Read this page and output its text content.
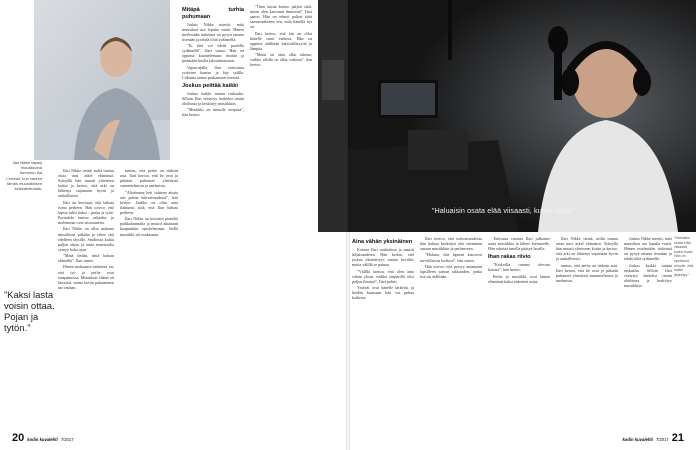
Ilari Nikke tapasi muusikkona tunnetun Isa Lenssin, kun vannut tämän muusiikkisen keikkahelmalla.
”Kaksi lasta voisin ottaa. Pojan ja tytön.”

Ilari Nikke tietää, miltä tuntuu ottaa uusi askel elämässä. Syksyllä hän muutti yhteiseen kotiin ja kertoo, että arki on lähtenyt sujumaan hyvin ja rauhallisesti.

Ilari on kertonut, että haluaa isona perheen. Hän toivoo, että lapsia tulisi kaksi – poika ja tyttö. Parisuhde tuntuu vakaalta, ja molemmat ovat sitoutuneita.

Ilari Nikke on ollut mukana musiikissa pitkään ja tekee sitä edelleen täysillä. Studiossa kuluu paljon aikaa, ja uutta materiaalia syntyy koko ajan.

”Minä tiedän, mitä haluan elämältä”, Ilari sanoo.

Hänen mukaansa tärkeintä on, että työ ja perhe ovat tasapainossa. Muusikon elämä on kiireistä, mutta kotiin palaaminen tuo rauhan.

tuntuu, että perhe on tärkein asia. Ilari kertoo, että he ovat jo pitkään puhuneet yhteisistä suunnitelmista ja unelmista.

”Aloitimme heti suhteen alusta asti puhua tulevaisuudesta”, hän kertoo. Jaakko on ollut aina ilahtunut siitä, että Ilari haluaa perheen.

Ilari Nikke on kotoisin pieneltä paikkakunnalta ja muutti aikanaan kaupunkiin opiskelemaan. Siellä musiikki vei mukanaan.

Mitäpä turhia puhumaan

Joskus Nikke miettii, mitä muusikon ura lopulta vaatii. Hänen mielestään tärkeintä on pysyä omana itsenään ja tehdä töitä sydämellä.

”Ei tätä voi tehdä puolella sydämellä”, Ilari sanoo. Hän on oppinut kuuntelemaan itseään ja pitämään huolta jaksamisestaan.

Vapaa-ajalla Ilari rentoutuu ystävien kanssa ja käy salilla. Liikunta auttaa purkamaan stressiä.

Joskus peittää kaikki

Joskus kaikki tuntuu raskaalta. Silloin Ilari vetäytyy hetkeksi omiin oloihinsa ja keskittyy musiikkiin.

”Musiikki on minulle terapiaa”, hän kertoo.

”Oma tarina kertoo paljon siitä, miten olen kasvanut ihmisenä”, Ilari sanoo. Hän on tehnyt paljon töitä saavuttaakseen sen, mitä hänellä nyt on.

Ilari kertoo, että äiti on ollut hänelle suuri esikuva. Hän on oppinut äidiltään kärsivällisyyttä ja lämpöä.

”Mutsi on aina ollut tukena, vaikka välillä on ollut vaikeaa”, hän kertoo.

20 kodin kuvalehti 7/2017
”Haluaisin osata elää viisaasti, kuten mutsi.”
Aina vähän yksinäinen

Kotona Ilari rauhoittuu ja nauttii hiljaisuudesta. Hän kertoo, että joskus yksinäisyys tuntuu hyvältä, mutta välillä se painaa.

”Välillä tuntuu, että olen aina vähän yksin, vaikka ympärillä olisi paljon ihmisiä”, Ilari pohtii.

Ystävät ovat hänelle tärkeitä, ja heidän kanssaan hän voi puhua kaikesta.

Ilari kertoo, että tulevaisuudessa hän haluaa keskittyä yhä enemmän omaan musiikkiin ja perheeseen.

”Haluan, että lapseni kasvavat turvallisessa kodissa”, hän sanoo.

Hän toivoo, että pystyy antamaan lapsilleen saman rakkauden, jonka itse sai äidiltään.

Tulevana vuonna Ilari julkaisee uutta musiikkia ja lähtee kiertueelle. Hän odottaa innolla pääsyä lavalle.

Ihan rakas riivio

”Keikoilla tunnen olevani kotona”, hän kertoo.

Perhe ja musiikki ovat hänen elämänsä kaksi tärkeintä asiaa.

Ilari Nikke tietää, miltä tuntuu ottaa uusi askel elämässä. Syksyllä hän muutti yhteiseen kotiin ja kertoo, että arki on lähtenyt sujumaan hyvin ja rauhallisesti.

tuntuu, että perhe on tärkein asia. Ilari kertoo, että he ovat jo pitkään puhuneet yhteisistä suunnitelmista ja unelmista.

Joskus Nikke miettii, mitä muusikon ura lopulta vaatii. Hänen mielestään tärkeintä on pysyä omana itsenään ja tehdä töitä sydämellä.

Joskus kaikki tuntuu raskaalta. Silloin Ilari vetäytyy hetkeksi omiin oloihinsa ja keskittyy musiikkiin.

”Haluaisin osata elää viisaasti, kuten mutsi. Hän on opettanut minulle, että kaikki järjestyy.”
kodin kuvalehti 7/2017 21
